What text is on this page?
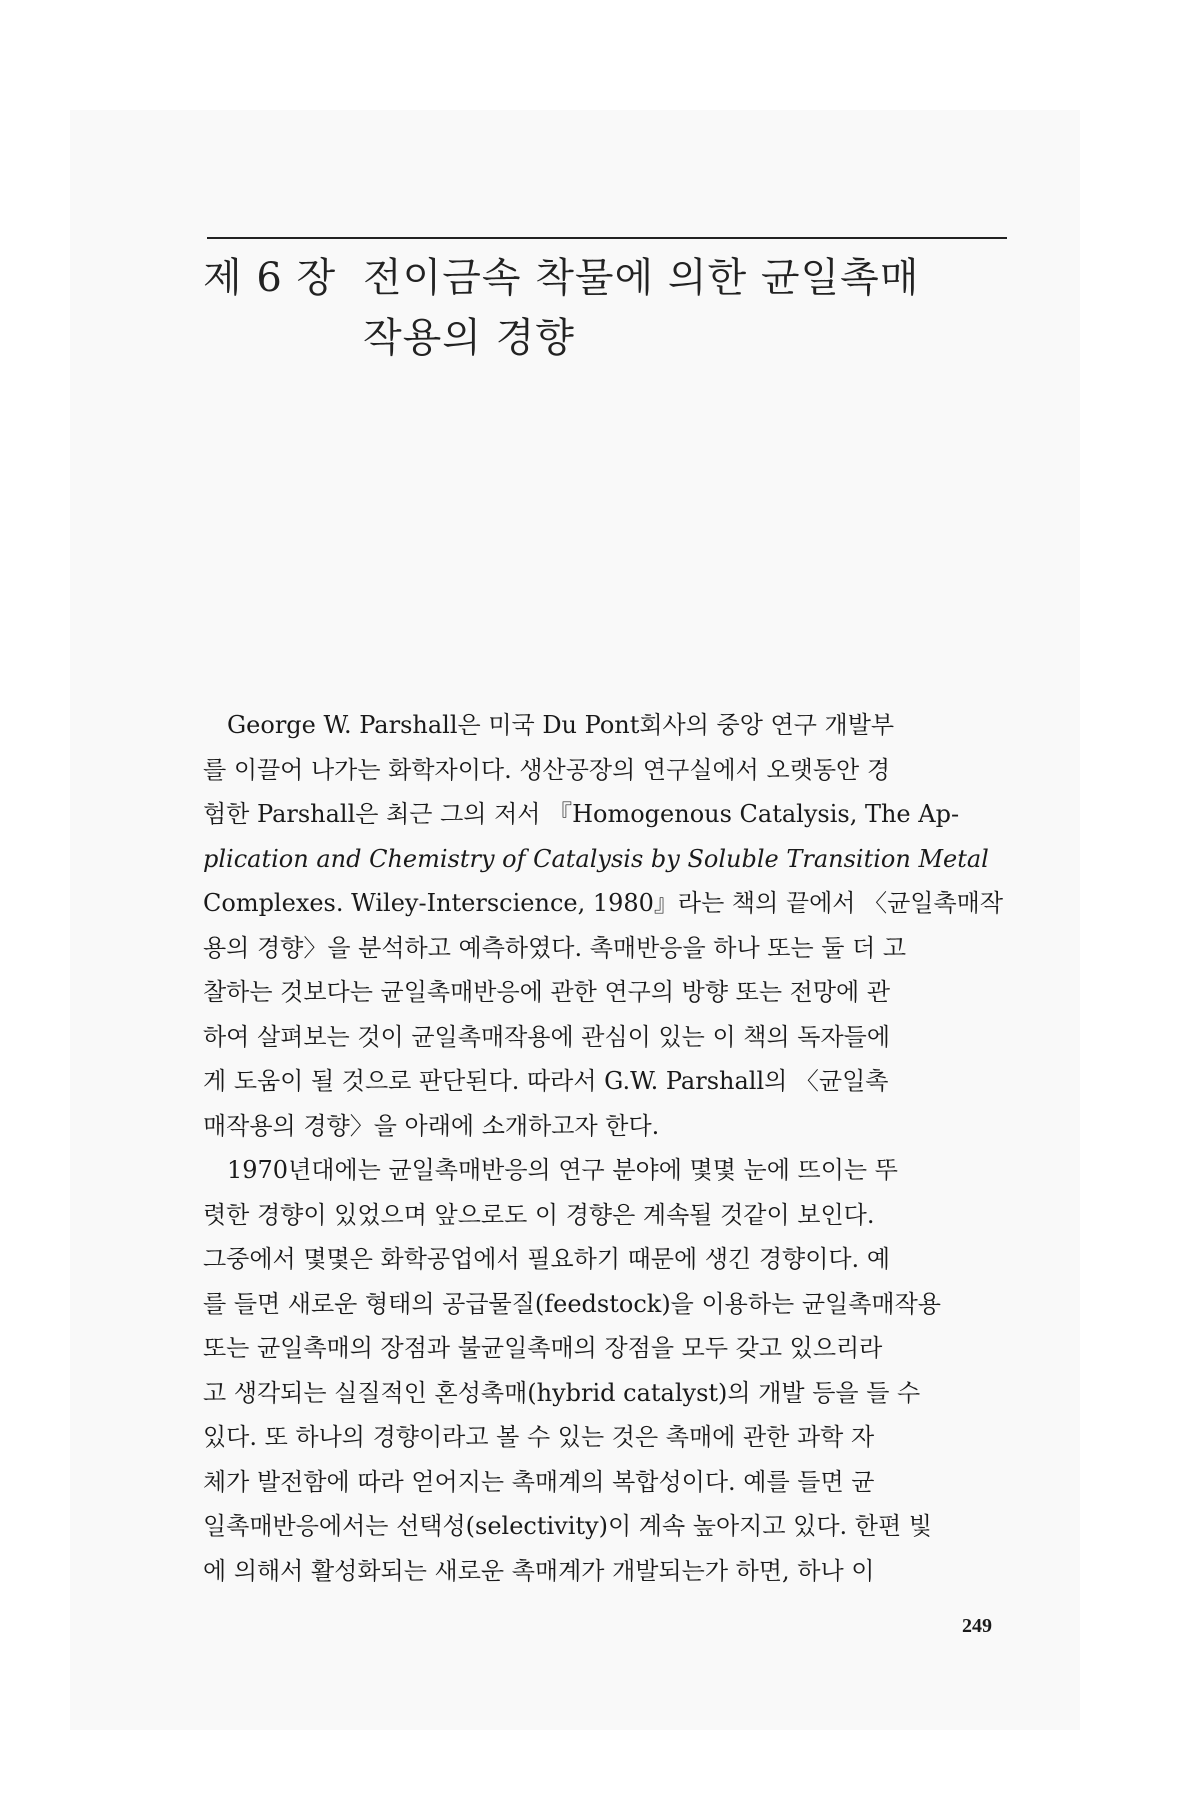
제 6 장 전이금속 착물에 의한 균일촉매
작용의 경향

George W. Parshall은 미국 Du Pont회사의 중앙 연구 개발부
를 이끌어 나가는 화학자이다. 생산공장의 연구실에서 오랫동안 경
험한 Parshall은 최근 그의 저서 『Homogenous Catalysis, The Ap-
plication and Chemistry of Catalysis by Soluble Transition Metal
Complexes. Wiley-Interscience, 1980』라는 책의 끝에서 〈균일촉매작
용의 경향〉을 분석하고 예측하였다. 촉매반응을 하나 또는 둘 더 고
찰하는 것보다는 균일촉매반응에 관한 연구의 방향 또는 전망에 관
하여 살펴보는 것이 균일촉매작용에 관심이 있는 이 책의 독자들에
게 도움이 될 것으로 판단된다. 따라서 G.W. Parshall의 〈균일촉
매작용의 경향〉을 아래에 소개하고자 한다.

1970년대에는 균일촉매반응의 연구 분야에 몇몇 눈에 뜨이는 뚜
렷한 경향이 있었으며 앞으로도 이 경향은 계속될 것같이 보인다.
그중에서 몇몇은 화학공업에서 필요하기 때문에 생긴 경향이다. 예
를 들면 새로운 형태의 공급물질(feedstock)을 이용하는 균일촉매작용
또는 균일촉매의 장점과 불균일촉매의 장점을 모두 갖고 있으리라
고 생각되는 실질적인 혼성촉매(hybrid catalyst)의 개발 등을 들 수
있다. 또 하나의 경향이라고 볼 수 있는 것은 촉매에 관한 과학 자
체가 발전함에 따라 얻어지는 촉매계의 복합성이다. 예를 들면 균
일촉매반응에서는 선택성(selectivity)이 계속 높아지고 있다. 한편 빛
에 의해서 활성화되는 새로운 촉매계가 개발되는가 하면, 하나 이

249
